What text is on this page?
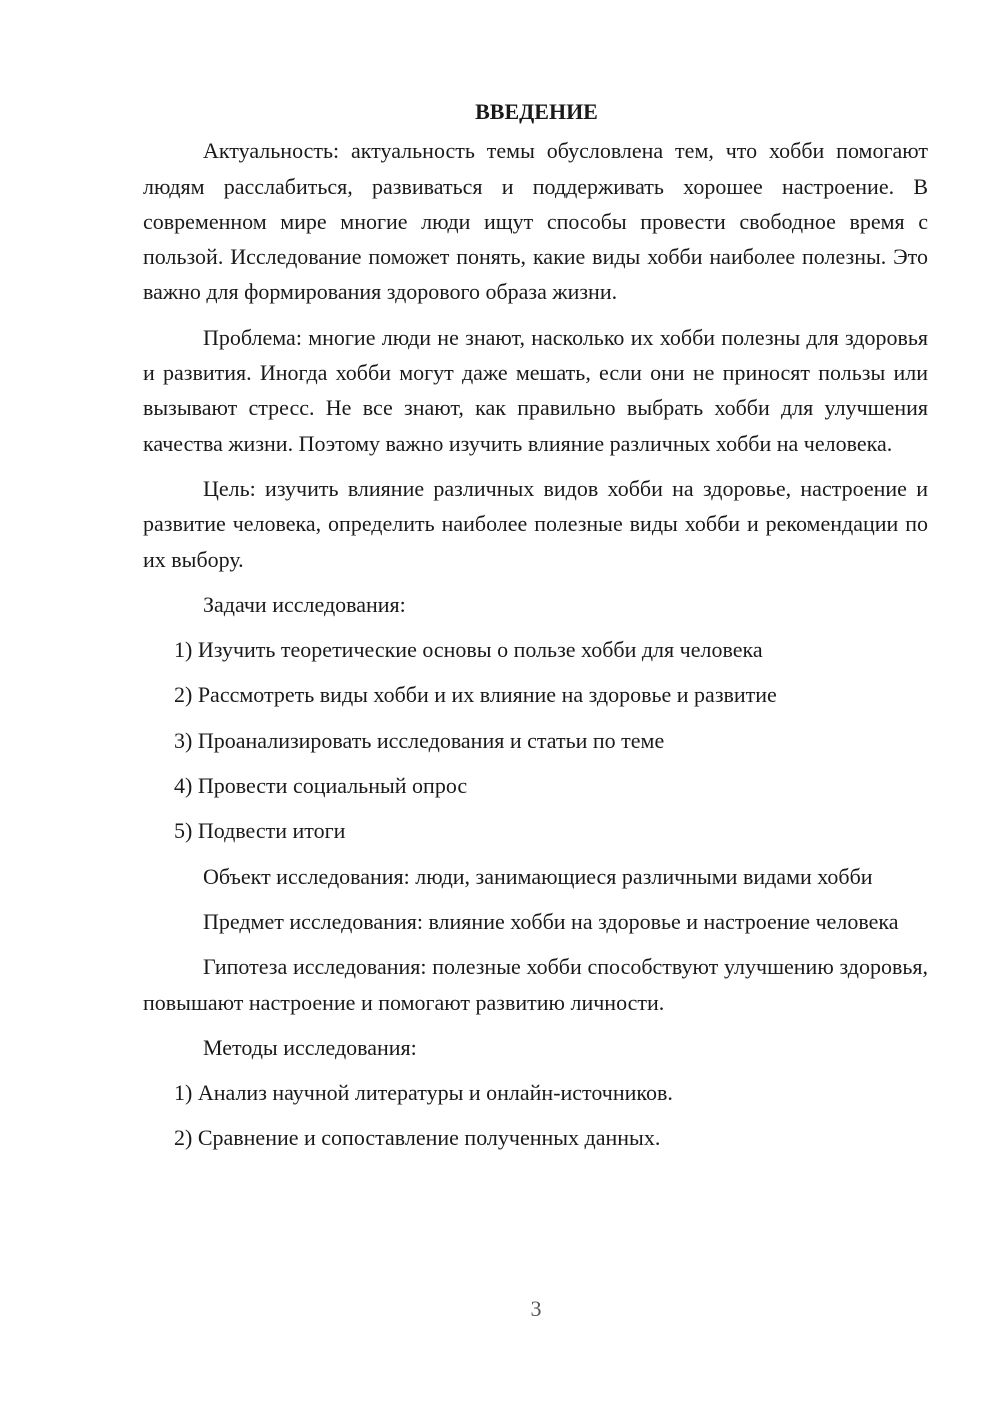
ВВЕДЕНИЕ

Актуальность: актуальность темы обусловлена тем, что хобби помогают людям расслабиться, развиваться и поддерживать хорошее настроение. В современном мире многие люди ищут способы провести свободное время с пользой. Исследование поможет понять, какие виды хобби наиболее полезны. Это важно для формирования здорового образа жизни.

Проблема: многие люди не знают, насколько их хобби полезны для здоровья и развития. Иногда хобби могут даже мешать, если они не приносят пользы или вызывают стресс. Не все знают, как правильно выбрать хобби для улучшения качества жизни. Поэтому важно изучить влияние различных хобби на человека.

Цель: изучить влияние различных видов хобби на здоровье, настроение и развитие человека, определить наиболее полезные виды хобби и рекомендации по их выбору.

Задачи исследования:
1) Изучить теоретические основы о пользе хобби для человека
2) Рассмотреть виды хобби и их влияние на здоровье и развитие
3) Проанализировать исследования и статьи по теме
4) Провести социальный опрос
5) Подвести итоги

Объект исследования: люди, занимающиеся различными видами хобби

Предмет исследования: влияние хобби на здоровье и настроение человека

Гипотеза исследования: полезные хобби способствуют улучшению здоровья, повышают настроение и помогают развитию личности.

Методы исследования:
1) Анализ научной литературы и онлайн-источников.
2) Сравнение и сопоставление полученных данных.
3
